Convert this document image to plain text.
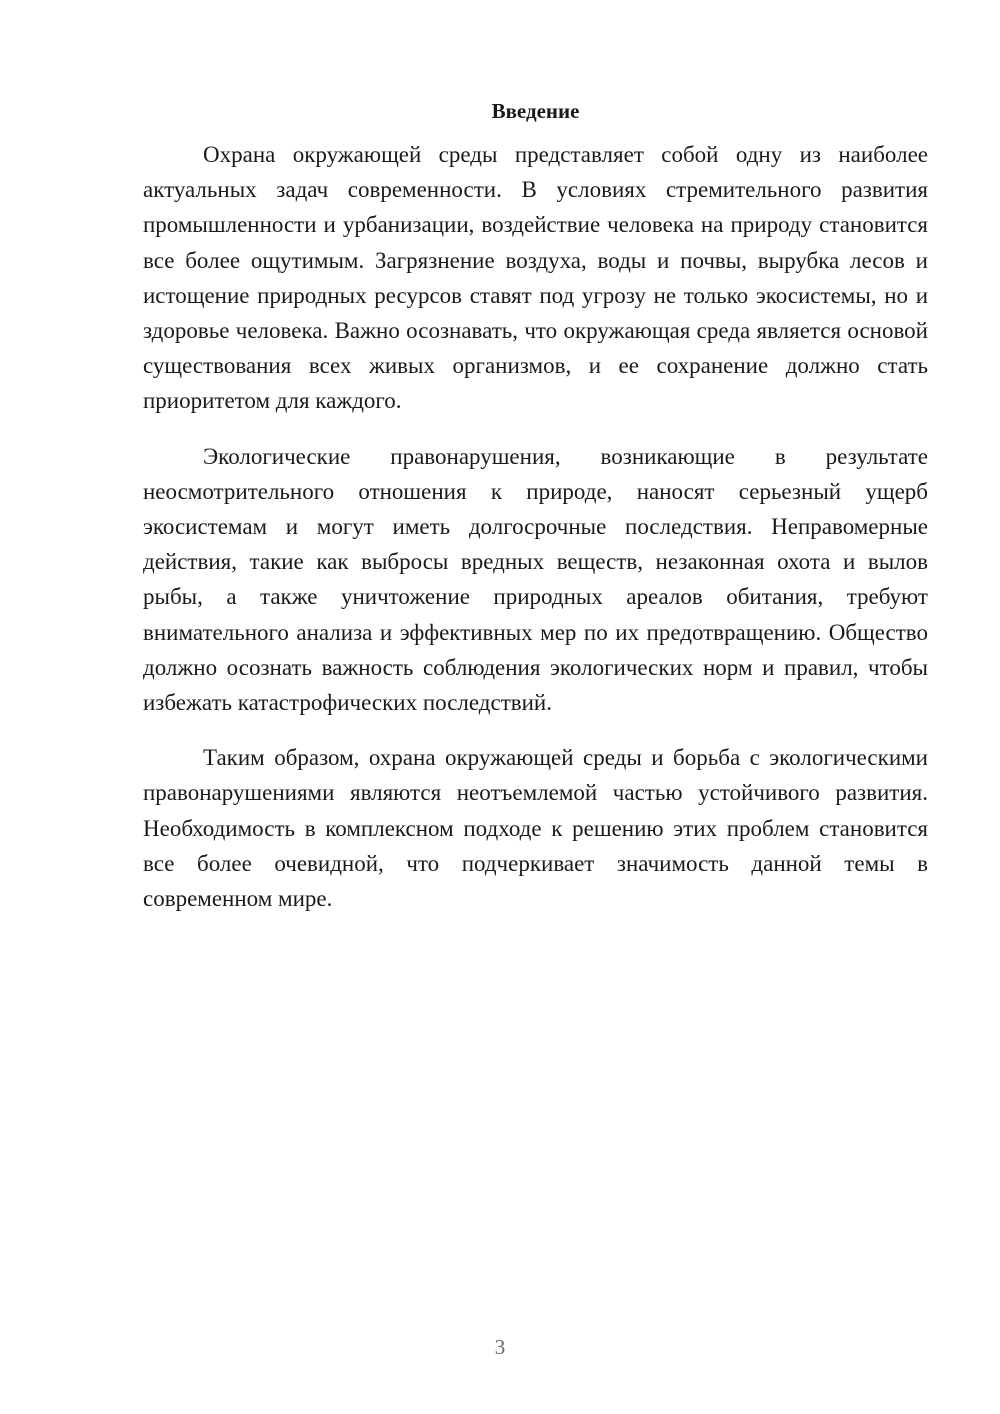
Введение

Охрана окружающей среды представляет собой одну из наиболее актуальных задач современности. В условиях стремительного развития промышленности и урбанизации, воздействие человека на природу становится все более ощутимым. Загрязнение воздуха, воды и почвы, вырубка лесов и истощение природных ресурсов ставят под угрозу не только экосистемы, но и здоровье человека. Важно осознавать, что окружающая среда является основой существования всех живых организмов, и ее сохранение должно стать приоритетом для каждого.

Экологические правонарушения, возникающие в результате неосмотрительного отношения к природе, наносят серьезный ущерб экосистемам и могут иметь долгосрочные последствия. Неправомерные действия, такие как выбросы вредных веществ, незаконная охота и вылов рыбы, а также уничтожение природных ареалов обитания, требуют внимательного анализа и эффективных мер по их предотвращению. Общество должно осознать важность соблюдения экологических норм и правил, чтобы избежать катастрофических последствий.

Таким образом, охрана окружающей среды и борьба с экологическими правонарушениями являются неотъемлемой частью устойчивого развития. Необходимость в комплексном подходе к решению этих проблем становится все более очевидной, что подчеркивает значимость данной темы в современном мире.

3
